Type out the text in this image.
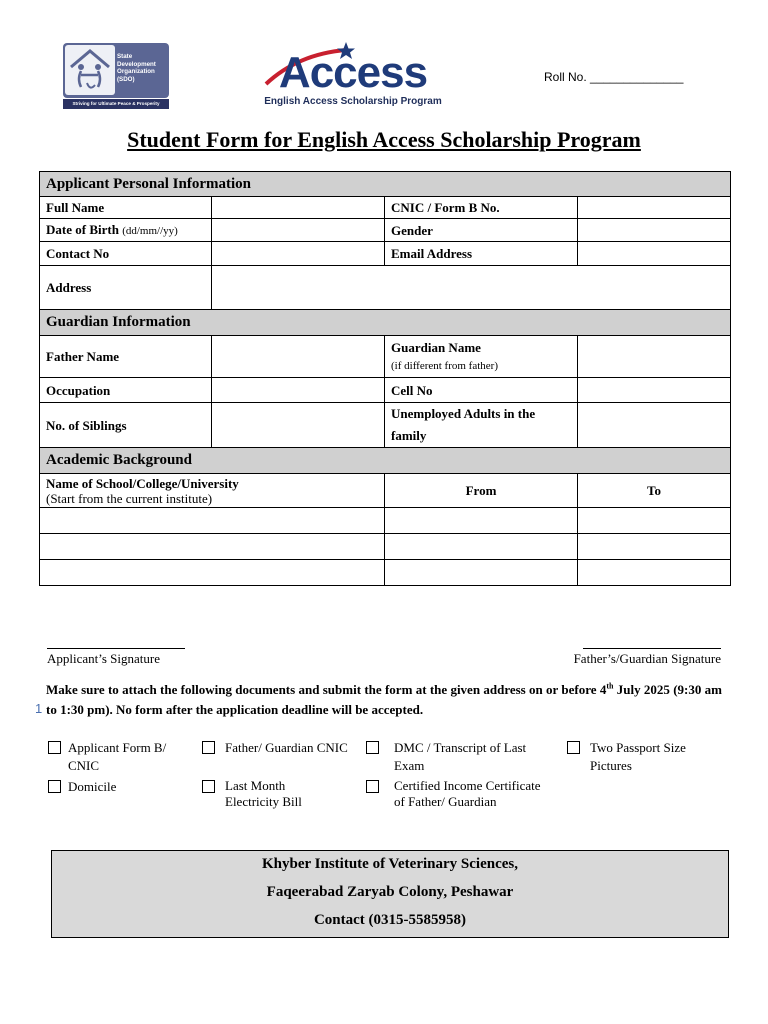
State Development Organization (SDO)
Striving for Ultimate Peace & Prosperity
Access
English Access Scholarship Program
Roll No. ______________
Student Form for English Access Scholarship Program
Applicant Personal Information			
Full Name		CNIC / Form B No.	
Date of Birth (dd/mm//yy)		Gender	
Contact No		Email Address	
Address			
Guardian Information			
Father Name		Guardian Name
(if different from father)	

Occupation		Cell No	
No. of Siblings		Unemployed Adults in the family	
Academic Background			

Name of School/College/University
(Start from the current institute)		From	To

Applicant’s Signature	Father’s/Guardian Signature
1
Make sure to attach the following documents and submit the form at the given address on or before 4th July 2025 (9:30 am to 1:30 pm). No form after the application deadline will be accepted.
Applicant Form B/ CNIC
Father/ Guardian CNIC	DMC / Transcript of Last Exam
Two Passport Size Pictures
Domicile	Last Month Electricity Bill
Certified Income Certificate of Father/ Guardian
Khyber Institute of Veterinary Sciences,
Faqeerabad Zaryab Colony, Peshawar
Contact (0315-5585958)
